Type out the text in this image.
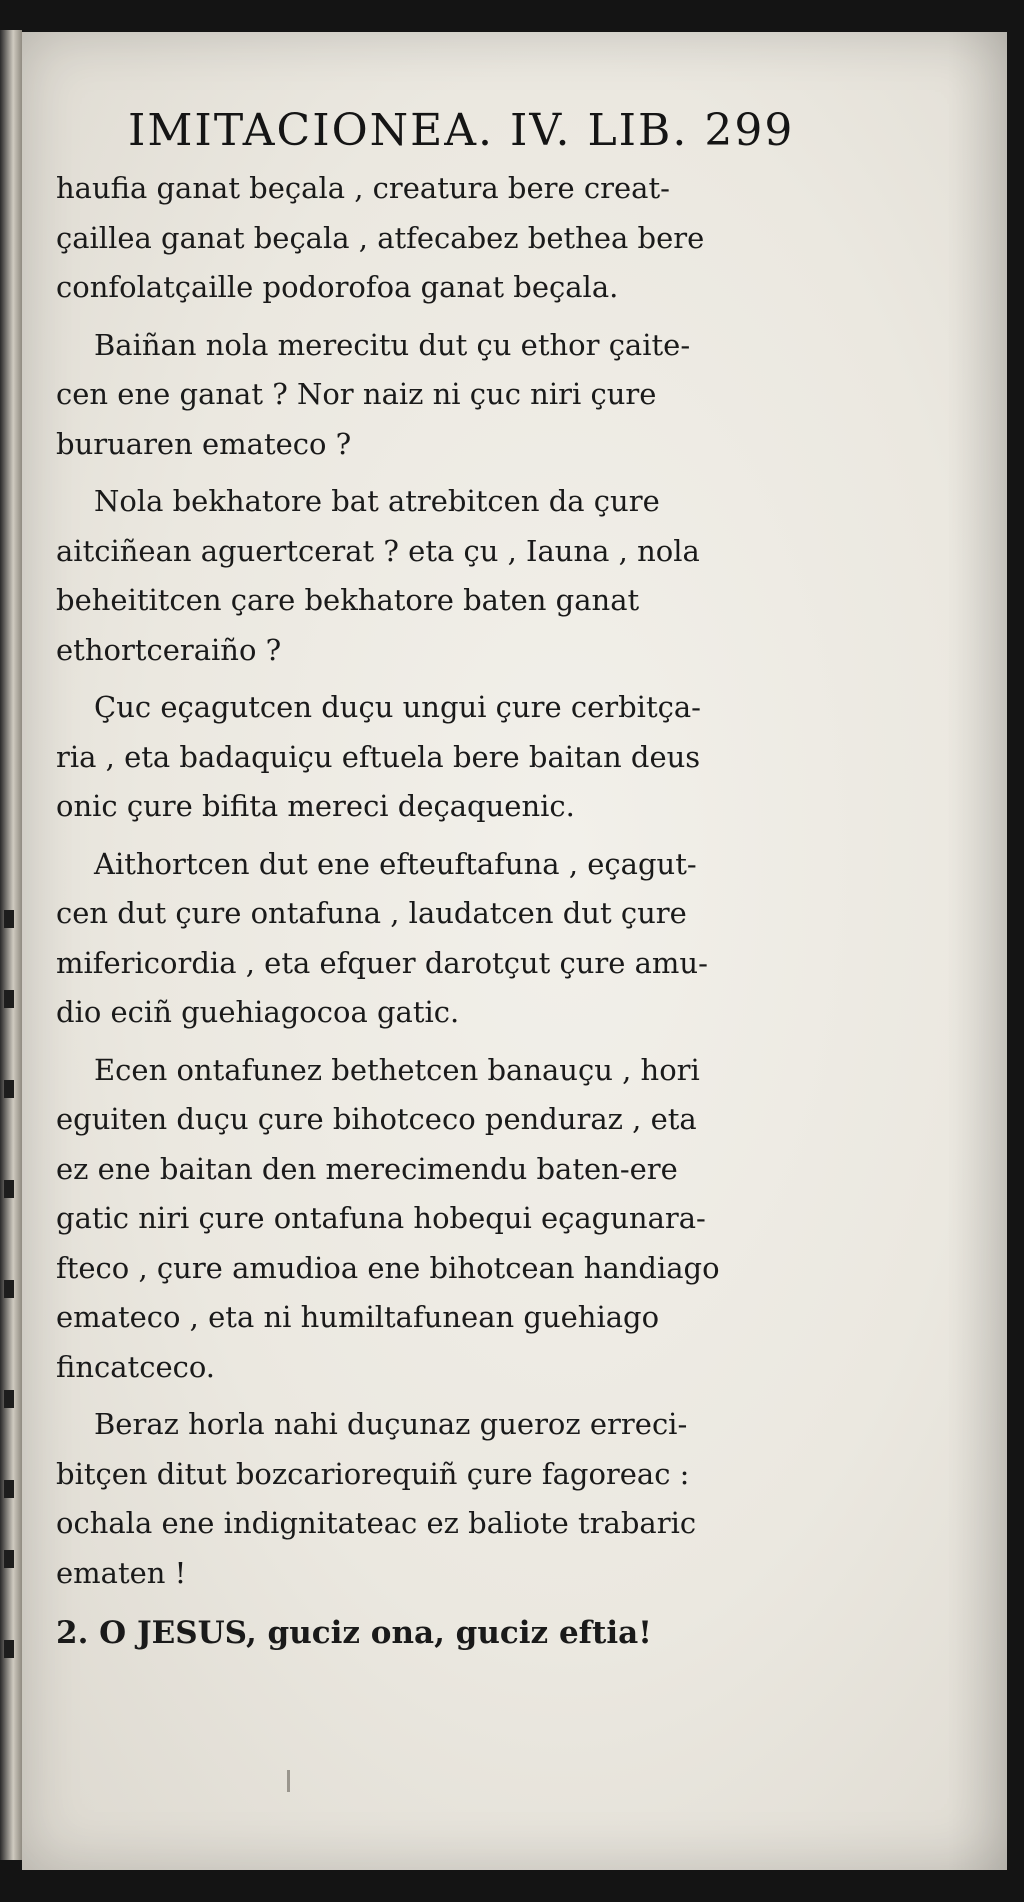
IMITACIONEA. IV. LIB. 299

haufia ganat beçala , creatura bere creat-
çaillea ganat beçala , atfecabez bethea bere
confolatçaille podorofoa ganat beçala.

Baiñan nola merecitu dut çu ethor çaite-
cen ene ganat ? Nor naiz ni çuc niri çure
buruaren emateco ?

Nola bekhatore bat atrebitcen da çure
aitciñean aguertcerat ? eta çu , Iauna , nola
beheititcen çare bekhatore baten ganat
ethortceraiño ?

Çuc eçagutcen duçu ungui çure cerbitça-
ria , eta badaquiçu eftuela bere baitan deus
onic çure bifita mereci deçaquenic.

Aithortcen dut ene efteuftafuna , eçagut-
cen dut çure ontafuna , laudatcen dut çure
mifericordia , eta efquer darotçut çure amu-
dio eciñ guehiagocoa gatic.

Ecen ontafunez bethetcen banauçu , hori
eguiten duçu çure bihotceco penduraz , eta
ez ene baitan den merecimendu baten-ere
gatic niri çure ontafuna hobequi eçagunara-
fteco , çure amudioa ene bihotcean handiago
emateco , eta ni humiltafunean guehiago
fincatceco.

Beraz horla nahi duçunaz gueroz erreci-
bitçen ditut bozcariorequiñ çure fagoreac :
ochala ene indignitateac ez baliote trabaric
ematen !

2. O JESUS, guciz ona, guciz eftia!
